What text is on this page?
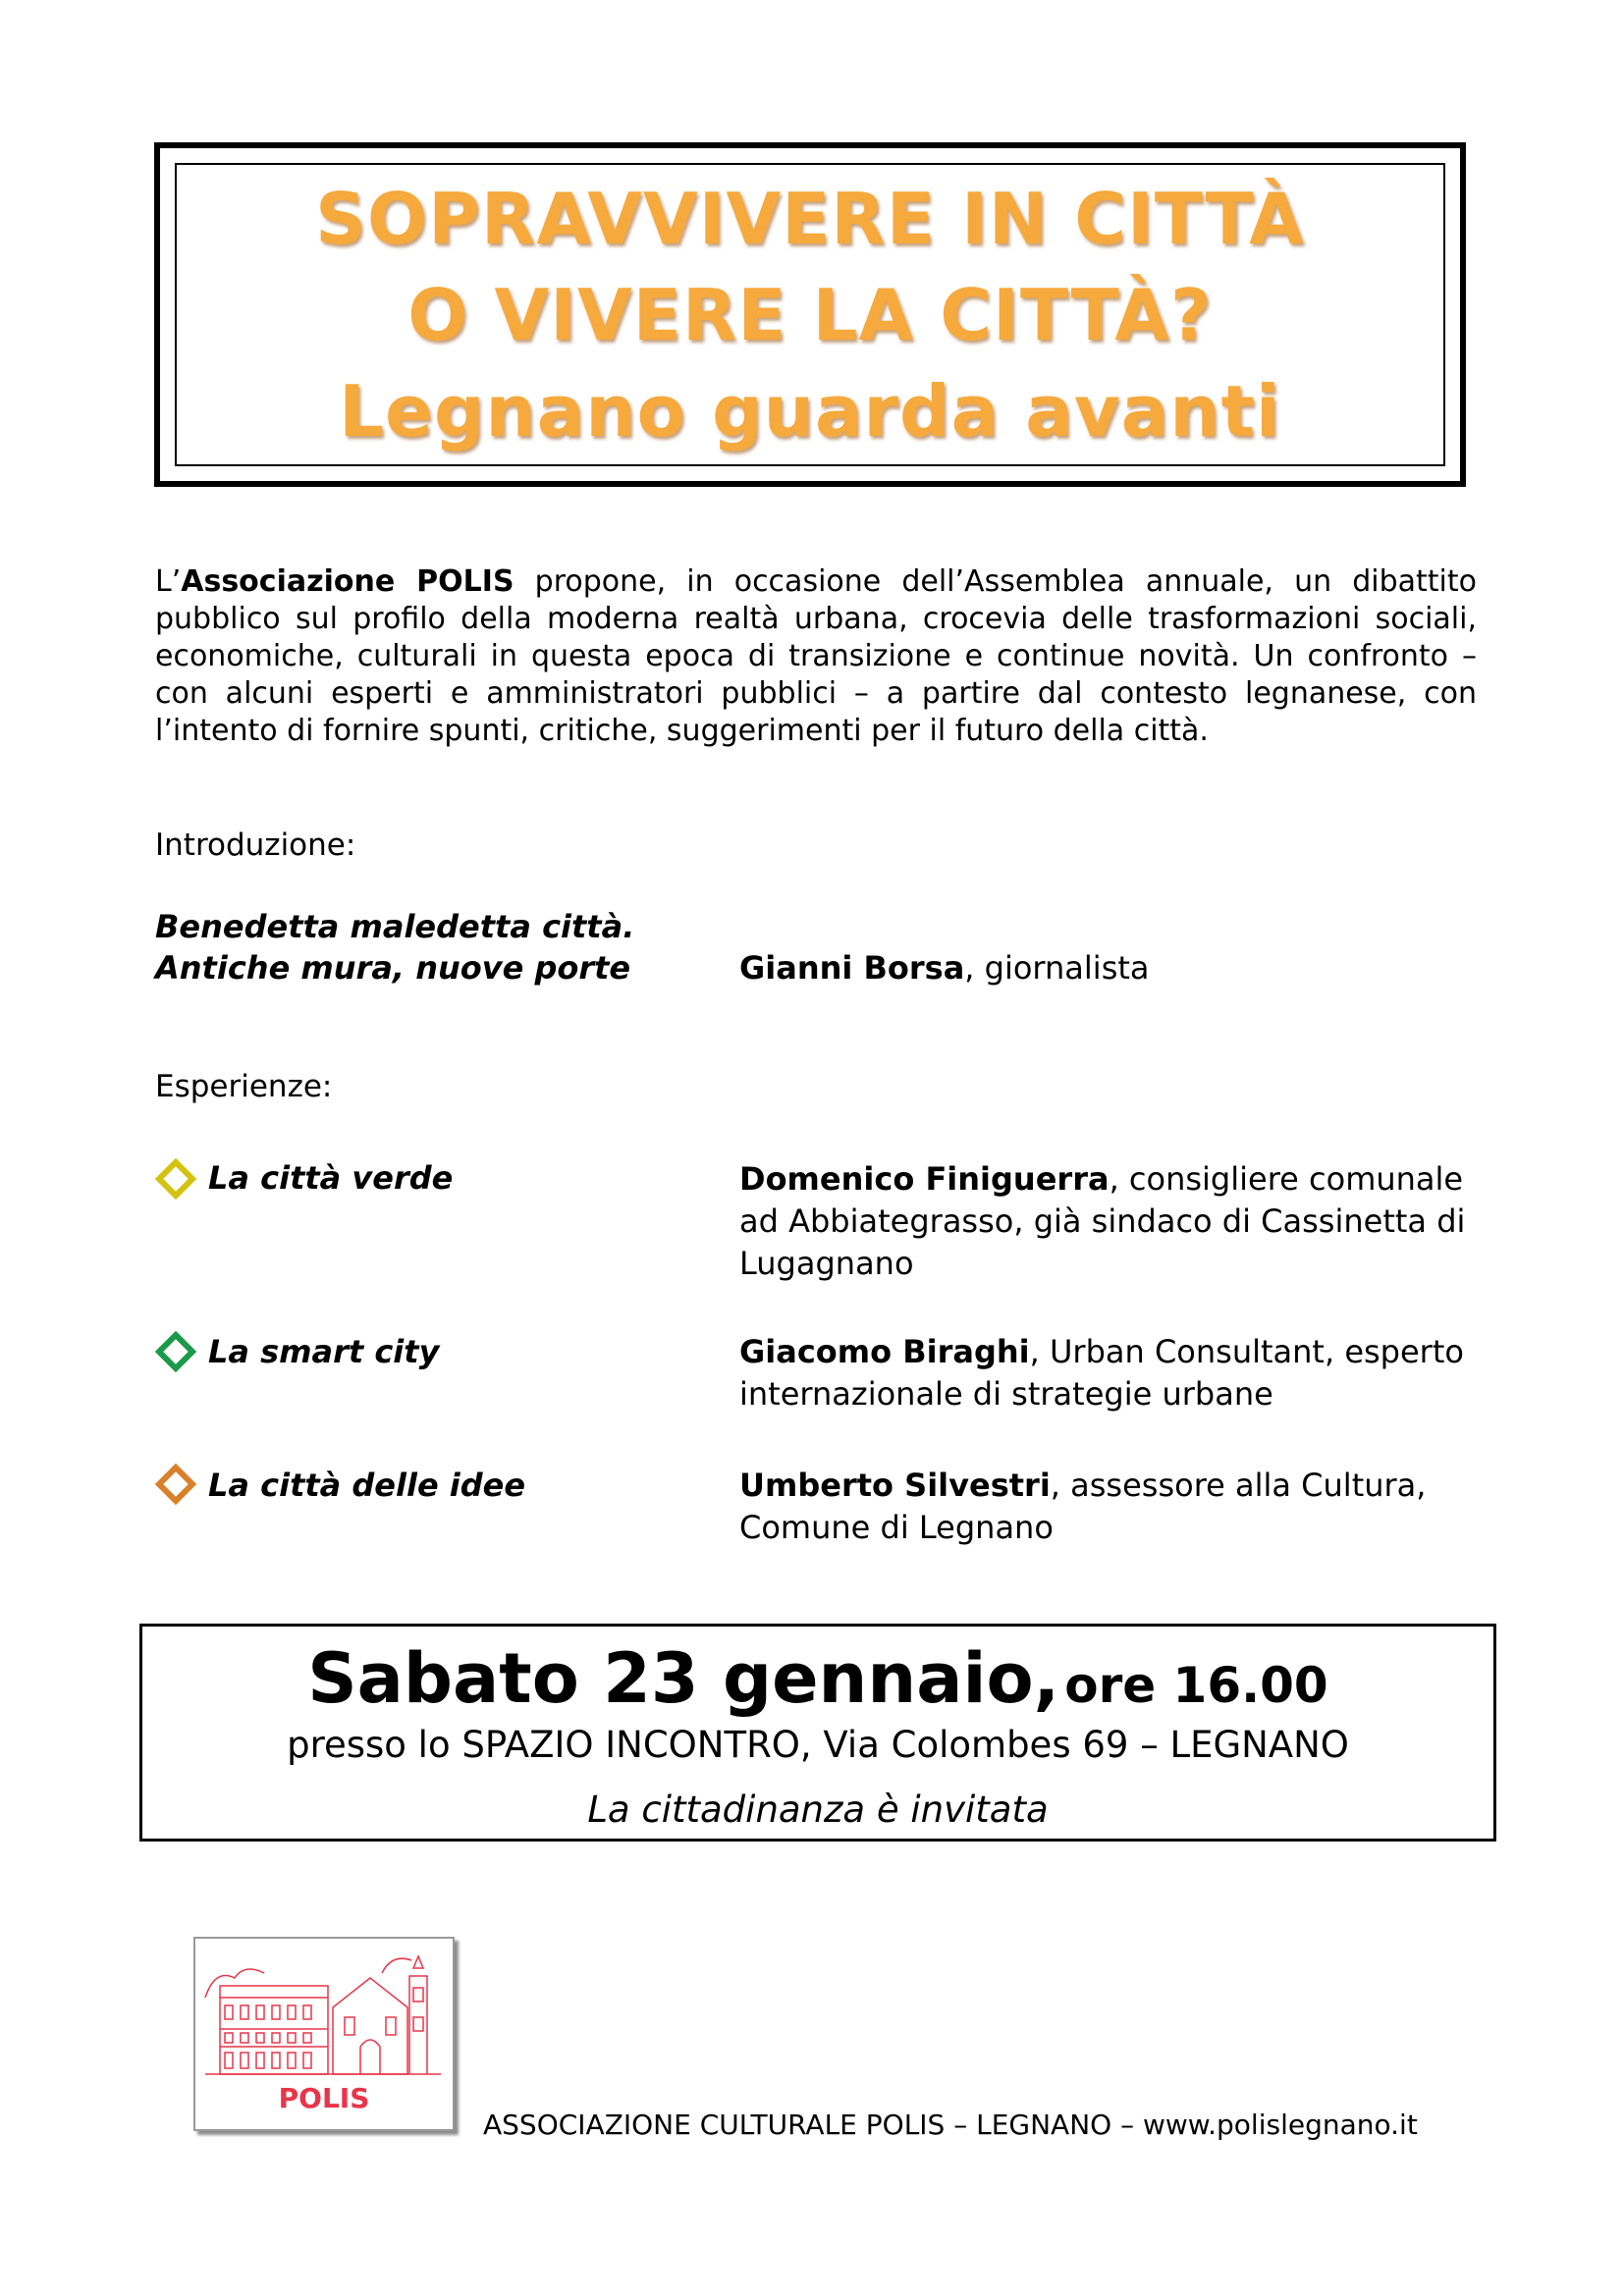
SOPRAVVIVERE IN CITTÀ
O VIVERE LA CITTÀ?
Legnano guarda avanti
L’Associazione POLIS propone, in occasione dell’Assemblea annuale, un dibattito pubblico sul profilo della moderna realtà urbana, crocevia delle trasformazioni sociali, economiche, culturali in questa epoca di transizione e continue novità. Un confronto – con alcuni esperti e amministratori pubblici – a partire dal contesto legnanese, con l’intento di fornire spunti, critiche, suggerimenti per il futuro della città.
Introduzione:
Benedetta maledetta città.
Antiche mura, nuove porte	Gianni Borsa, giornalista
Esperienze:
La città verde	Domenico Finiguerra, consigliere comunale ad Abbiategrasso, già sindaco di Cassinetta di Lugagnano
La smart city	Giacomo Biraghi, Urban Consultant, esperto internazionale di strategie urbane
La città delle idee	Umberto Silvestri, assessore alla Cultura, Comune di Legnano
Sabato 23 gennaio, ore 16.00
presso lo SPAZIO INCONTRO, Via Colombes 69 – LEGNANO
La cittadinanza è invitata
POLIS
ASSOCIAZIONE CULTURALE POLIS – LEGNANO – www.polislegnano.it
